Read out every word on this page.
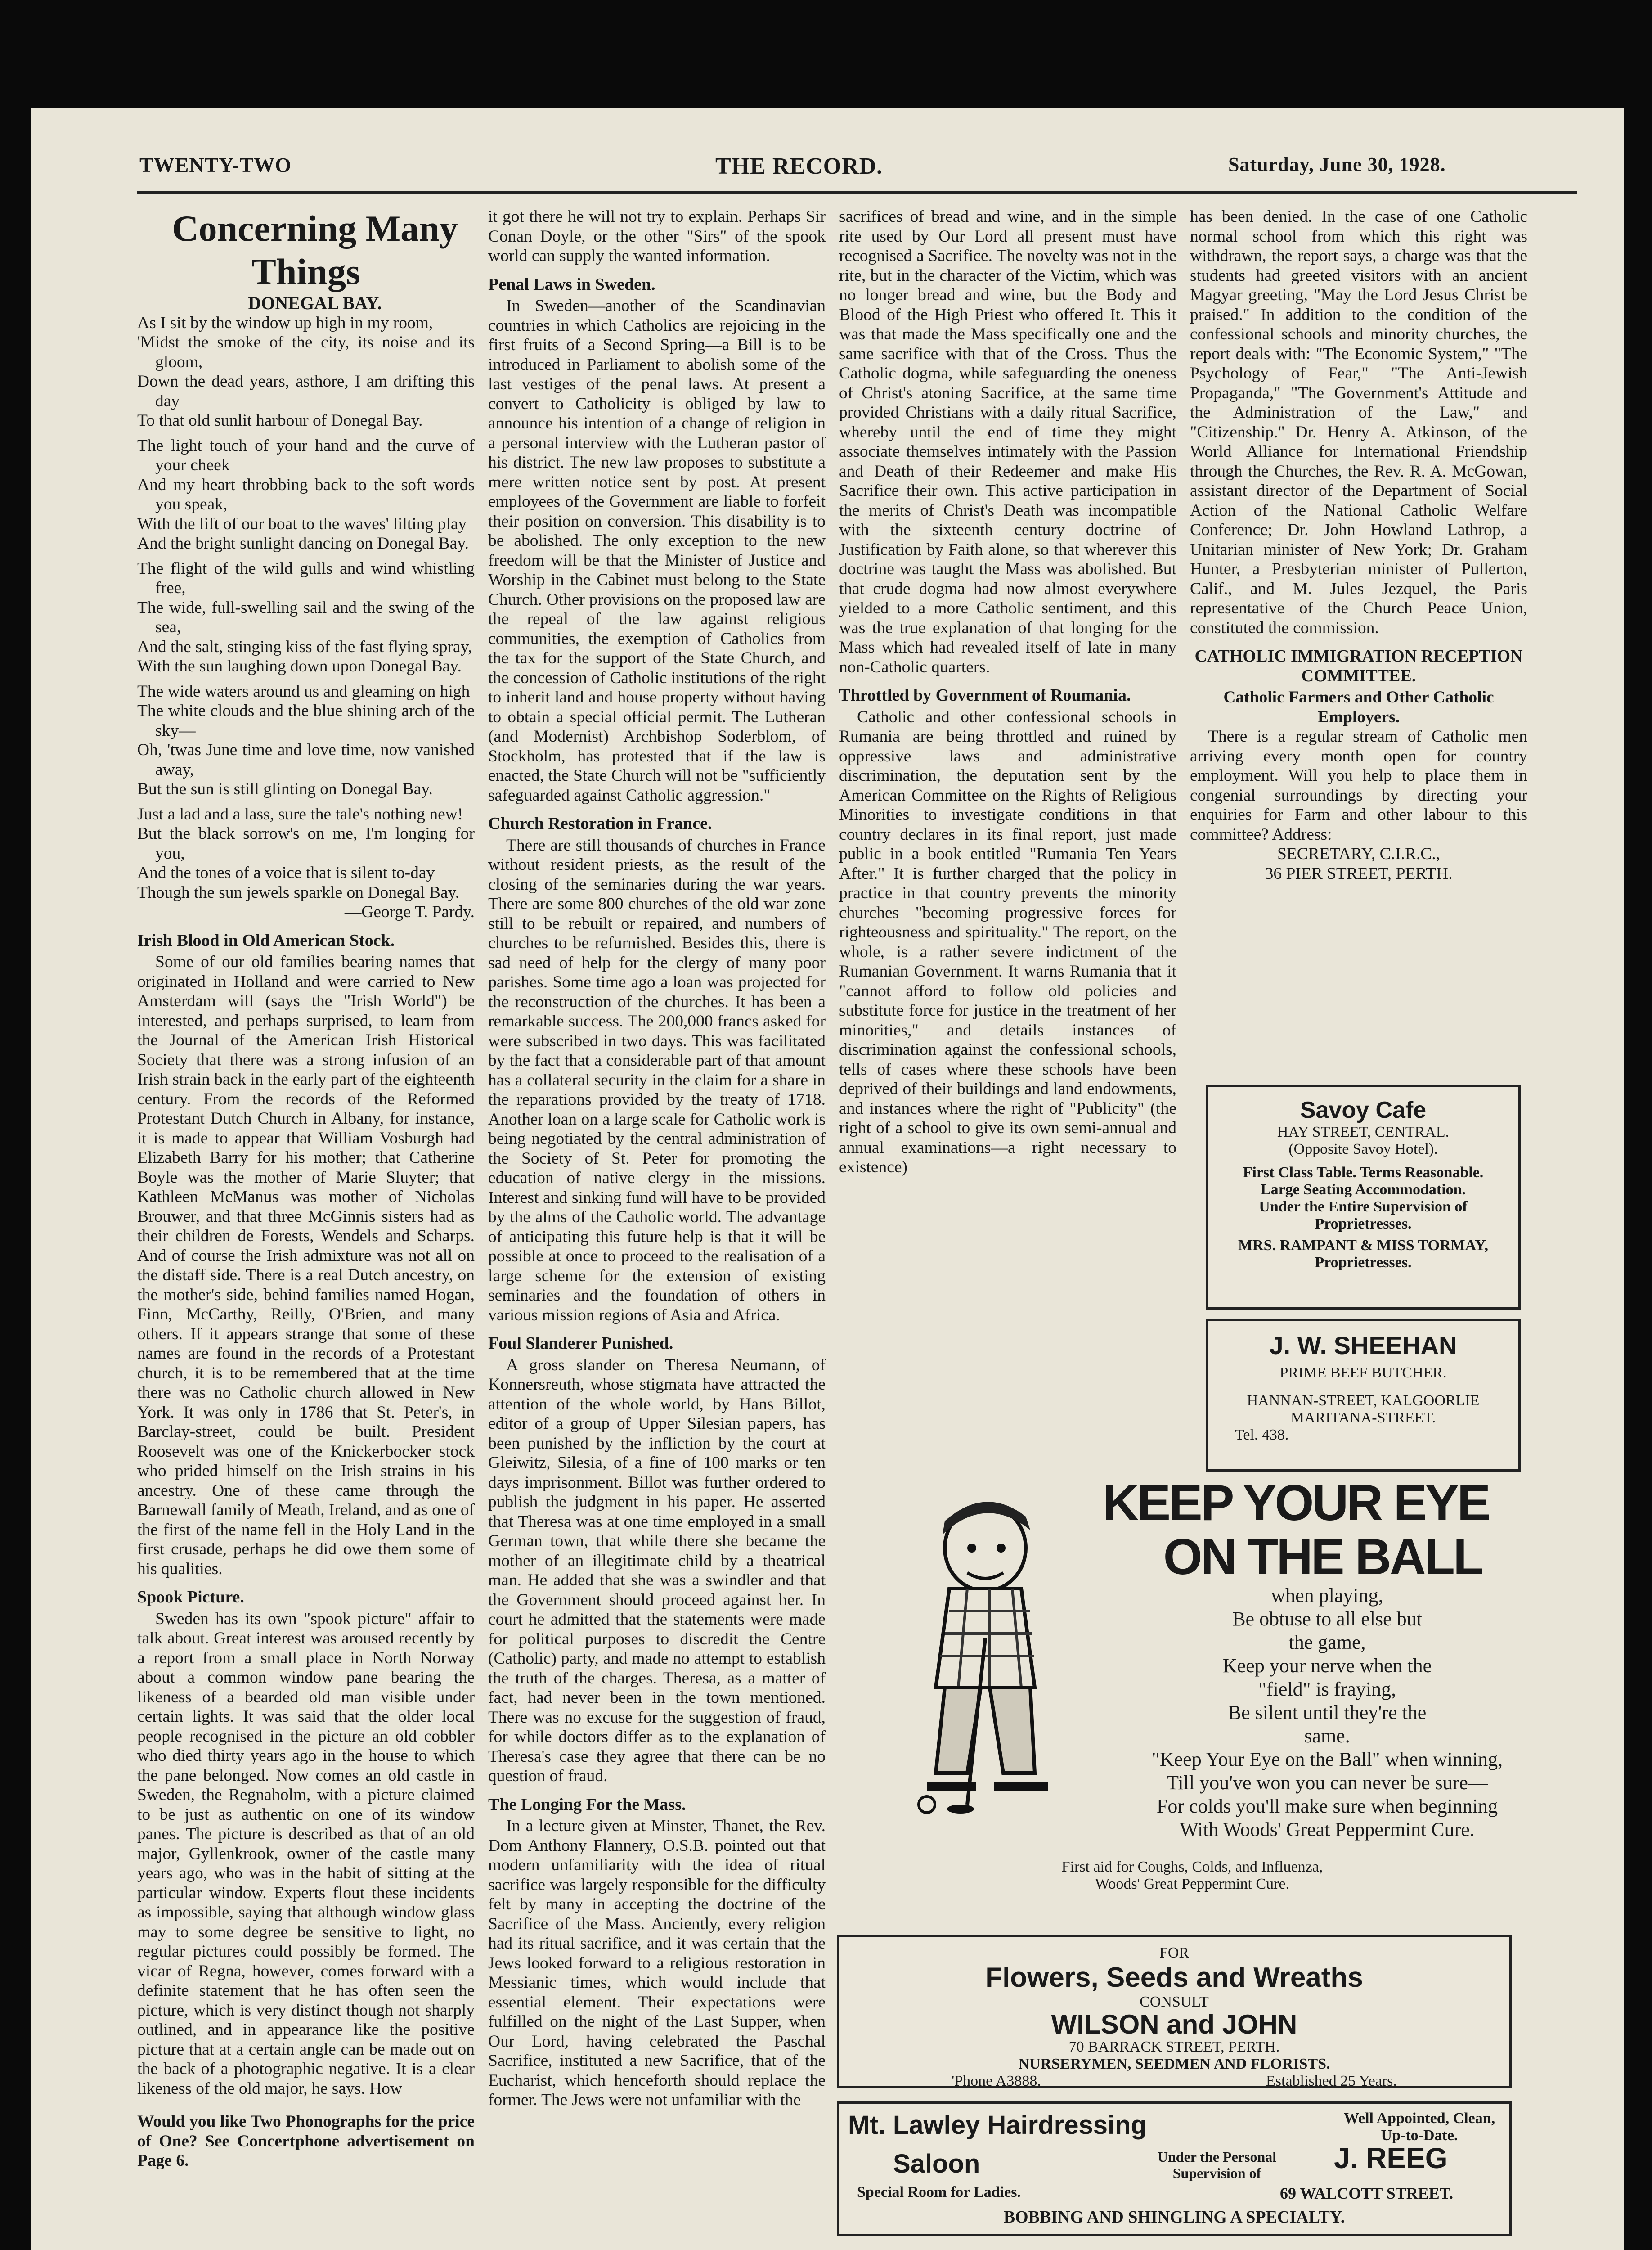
TWENTY-TWO	THE RECORD.	Saturday, June 30, 1928.

Concerning Many Things

DONEGAL BAY.

As I sit by the window up high in my room,
'Midst the smoke of the city, its noise and its gloom,
Down the dead years, asthore, I am drifting this day
To that old sunlit harbour of Donegal Bay.
The light touch of your hand and the curve of your cheek
And my heart throbbing back to the soft words you speak,
With the lift of our boat to the waves' lilting play
And the bright sunlight dancing on Donegal Bay.
The flight of the wild gulls and wind whistling free,
The wide, full-swelling sail and the swing of the sea,
And the salt, stinging kiss of the fast flying spray,
With the sun laughing down upon Donegal Bay.
The wide waters around us and gleaming on high
The white clouds and the blue shining arch of the sky—
Oh, 'twas June time and love time, now vanished away,
But the sun is still glinting on Donegal Bay.
Just a lad and a lass, sure the tale's nothing new!
But the black sorrow's on me, I'm longing for you,
And the tones of a voice that is silent to-day
Though the sun jewels sparkle on Donegal Bay.

—George T. Pardy.

Irish Blood in Old American Stock.

Some of our old families bearing names that originated in Holland and were carried to New Amsterdam will (says the "Irish World") be interested, and perhaps surprised, to learn from the Journal of the American Irish Historical Society that there was a strong infusion of an Irish strain back in the early part of the eighteenth century. From the records of the Reformed Protestant Dutch Church in Albany, for instance, it is made to appear that William Vosburgh had Elizabeth Barry for his mother; that Catherine Boyle was the mother of Marie Sluyter; that Kathleen McManus was mother of Nicholas Brouwer, and that three McGinnis sisters had as their children de Forests, Wendels and Scharps. And of course the Irish admixture was not all on the distaff side. There is a real Dutch ancestry, on the mother's side, behind families named Hogan, Finn, McCarthy, Reilly, O'Brien, and many others. If it appears strange that some of these names are found in the records of a Protestant church, it is to be remembered that at the time there was no Catholic church allowed in New York. It was only in 1786 that St. Peter's, in Barclay-street, could be built. President Roosevelt was one of the Knickerbocker stock who prided himself on the Irish strains in his ancestry. One of these came through the Barnewall family of Meath, Ireland, and as one of the first of the name fell in the Holy Land in the first crusade, perhaps he did owe them some of his qualities.

Spook Picture.

Sweden has its own "spook picture" affair to talk about. Great interest was aroused recently by a report from a small place in North Norway about a common window pane bearing the likeness of a bearded old man visible under certain lights. It was said that the older local people recognised in the picture an old cobbler who died thirty years ago in the house to which the pane belonged. Now comes an old castle in Sweden, the Regnaholm, with a picture claimed to be just as authentic on one of its window panes. The picture is described as that of an old major, Gyllenkrook, owner of the castle many years ago, who was in the habit of sitting at the particular window. Experts flout these incidents as impossible, saying that although window glass may to some degree be sensitive to light, no regular pictures could possibly be formed. The vicar of Regna, however, comes forward with a definite statement that he has often seen the picture, which is very distinct though not sharply outlined, and in appearance like the positive picture that at a certain angle can be made out on the back of a photographic negative. It is a clear likeness of the old major, he says. How

Would you like Two Phonographs for the price of One? See Concertphone advertisement on Page 6.

it got there he will not try to explain. Perhaps Sir Conan Doyle, or the other "Sirs" of the spook world can supply the wanted information.

Penal Laws in Sweden.

In Sweden—another of the Scandinavian countries in which Catholics are rejoicing in the first fruits of a Second Spring—a Bill is to be introduced in Parliament to abolish some of the last vestiges of the penal laws. At present a convert to Catholicity is obliged by law to announce his intention of a change of religion in a personal interview with the Lutheran pastor of his district. The new law proposes to substitute a mere written notice sent by post. At present employees of the Government are liable to forfeit their position on conversion. This disability is to be abolished. The only exception to the new freedom will be that the Minister of Justice and Worship in the Cabinet must belong to the State Church. Other provisions on the proposed law are the repeal of the law against religious communities, the exemption of Catholics from the tax for the support of the State Church, and the concession of Catholic institutions of the right to inherit land and house property without having to obtain a special official permit. The Lutheran (and Modernist) Archbishop Soderblom, of Stockholm, has protested that if the law is enacted, the State Church will not be "sufficiently safeguarded against Catholic aggression."

Church Restoration in France.

There are still thousands of churches in France without resident priests, as the result of the closing of the seminaries during the war years. There are some 800 churches of the old war zone still to be rebuilt or repaired, and numbers of churches to be refurnished. Besides this, there is sad need of help for the clergy of many poor parishes. Some time ago a loan was projected for the reconstruction of the churches. It has been a remarkable success. The 200,000 francs asked for were subscribed in two days. This was facilitated by the fact that a considerable part of that amount has a collateral security in the claim for a share in the reparations provided by the treaty of 1718. Another loan on a large scale for Catholic work is being negotiated by the central administration of the Society of St. Peter for promoting the education of native clergy in the missions. Interest and sinking fund will have to be provided by the alms of the Catholic world. The advantage of anticipating this future help is that it will be possible at once to proceed to the realisation of a large scheme for the extension of existing seminaries and the foundation of others in various mission regions of Asia and Africa.

Foul Slanderer Punished.

A gross slander on Theresa Neumann, of Konnersreuth, whose stigmata have attracted the attention of the whole world, by Hans Billot, editor of a group of Upper Silesian papers, has been punished by the infliction by the court at Gleiwitz, Silesia, of a fine of 100 marks or ten days imprisonment. Billot was further ordered to publish the judgment in his paper. He asserted that Theresa was at one time employed in a small German town, that while there she became the mother of an illegitimate child by a theatrical man. He added that she was a swindler and that the Government should proceed against her. In court he admitted that the statements were made for political purposes to discredit the Centre (Catholic) party, and made no attempt to establish the truth of the charges. Theresa, as a matter of fact, had never been in the town mentioned. There was no excuse for the suggestion of fraud, for while doctors differ as to the explanation of Theresa's case they agree that there can be no question of fraud.

The Longing For the Mass.

In a lecture given at Minster, Thanet, the Rev. Dom Anthony Flannery, O.S.B. pointed out that modern unfamiliarity with the idea of ritual sacrifice was largely responsible for the difficulty felt by many in accepting the doctrine of the Sacrifice of the Mass. Anciently, every religion had its ritual sacrifice, and it was certain that the Jews looked forward to a religious restoration in Messianic times, which would include that essential element. Their expectations were fulfilled on the night of the Last Supper, when Our Lord, having celebrated the Paschal Sacrifice, instituted a new Sacrifice, that of the Eucharist, which henceforth should replace the former. The Jews were not unfamiliar with the

sacrifices of bread and wine, and in the simple rite used by Our Lord all present must have recognised a Sacrifice. The novelty was not in the rite, but in the character of the Victim, which was no longer bread and wine, but the Body and Blood of the High Priest who offered It. This it was that made the Mass specifically one and the same sacrifice with that of the Cross. Thus the Catholic dogma, while safeguarding the oneness of Christ's atoning Sacrifice, at the same time provided Christians with a daily ritual Sacrifice, whereby until the end of time they might associate themselves intimately with the Passion and Death of their Redeemer and make His Sacrifice their own. This active participation in the merits of Christ's Death was incompatible with the sixteenth century doctrine of Justification by Faith alone, so that wherever this doctrine was taught the Mass was abolished. But that crude dogma had now almost everywhere yielded to a more Catholic sentiment, and this was the true explanation of that longing for the Mass which had revealed itself of late in many non-Catholic quarters.

Throttled by Government of Roumania.

Catholic and other confessional schools in Rumania are being throttled and ruined by oppressive laws and administrative discrimination, the deputation sent by the American Committee on the Rights of Religious Minorities to investigate conditions in that country declares in its final report, just made public in a book entitled "Rumania Ten Years After." It is further charged that the policy in practice in that country prevents the minority churches "becoming progressive forces for righteousness and spirituality." The report, on the whole, is a rather severe indictment of the Rumanian Government. It warns Rumania that it "cannot afford to follow old policies and substitute force for justice in the treatment of her minorities," and details instances of discrimination against the confessional schools, tells of cases where these schools have been deprived of their buildings and land endowments, and instances where the right of "Publicity" (the right of a school to give its own semi-annual and annual examinations—a right necessary to existence)

has been denied. In the case of one Catholic normal school from which this right was withdrawn, the report says, a charge was that the students had greeted visitors with an ancient Magyar greeting, "May the Lord Jesus Christ be praised." In addition to the condition of the confessional schools and minority churches, the report deals with: "The Economic System," "The Psychology of Fear," "The Anti-Jewish Propaganda," "The Government's Attitude and the Administration of the Law," and "Citizenship." Dr. Henry A. Atkinson, of the World Alliance for International Friendship through the Churches, the Rev. R. A. McGowan, assistant director of the Department of Social Action of the National Catholic Welfare Conference; Dr. John Howland Lathrop, a Unitarian minister of New York; Dr. Graham Hunter, a Presbyterian minister of Pullerton, Calif., and M. Jules Jezquel, the Paris representative of the Church Peace Union, constituted the commission.

CATHOLIC IMMIGRATION RECEPTION COMMITTEE.

Catholic Farmers and Other Catholic Employers.

There is a regular stream of Catholic men arriving every month open for country employment. Will you help to place them in congenial surroundings by directing your enquiries for Farm and other labour to this committee? Address:

SECRETARY, C.I.R.C.,

36 PIER STREET, PERTH.

Savoy Cafe
HAY STREET, CENTRAL.
(Opposite Savoy Hotel).
First Class Table. Terms Reasonable.
Large Seating Accommodation.
Under the Entire Supervision of
Proprietresses.
MRS. RAMPANT & MISS TORMAY,
Proprietresses.
J. W. SHEEHAN
PRIME BEEF BUTCHER.
HANNAN-STREET, KALGOORLIE
MARITANA-STREET.
Tel. 438.
KEEP YOUR EYE
ON THE BALL
when playing,
Be obtuse to all else but
the game,
Keep your nerve when the
"field" is fraying,
Be silent until they're the
same.
"Keep Your Eye on the Ball" when winning,
Till you've won you can never be sure—
For colds you'll make sure when beginning
With Woods' Great Peppermint Cure.
First aid for Coughs, Colds, and Influenza,
Woods' Great Peppermint Cure.
FOR
Flowers, Seeds and Wreaths
CONSULT
WILSON and JOHN
70 BARRACK STREET, PERTH.
NURSERYMEN, SEEDMEN AND FLORISTS.
'Phone A3888.	Established 25 Years.
Mt. Lawley Hairdressing	Well Appointed, Clean, Up-to-Date.
Saloon	Under the Personal Supervision of	J. REEG
Special Room for Ladies.	69 WALCOTT STREET.
BOBBING AND SHINGLING A SPECIALTY.
